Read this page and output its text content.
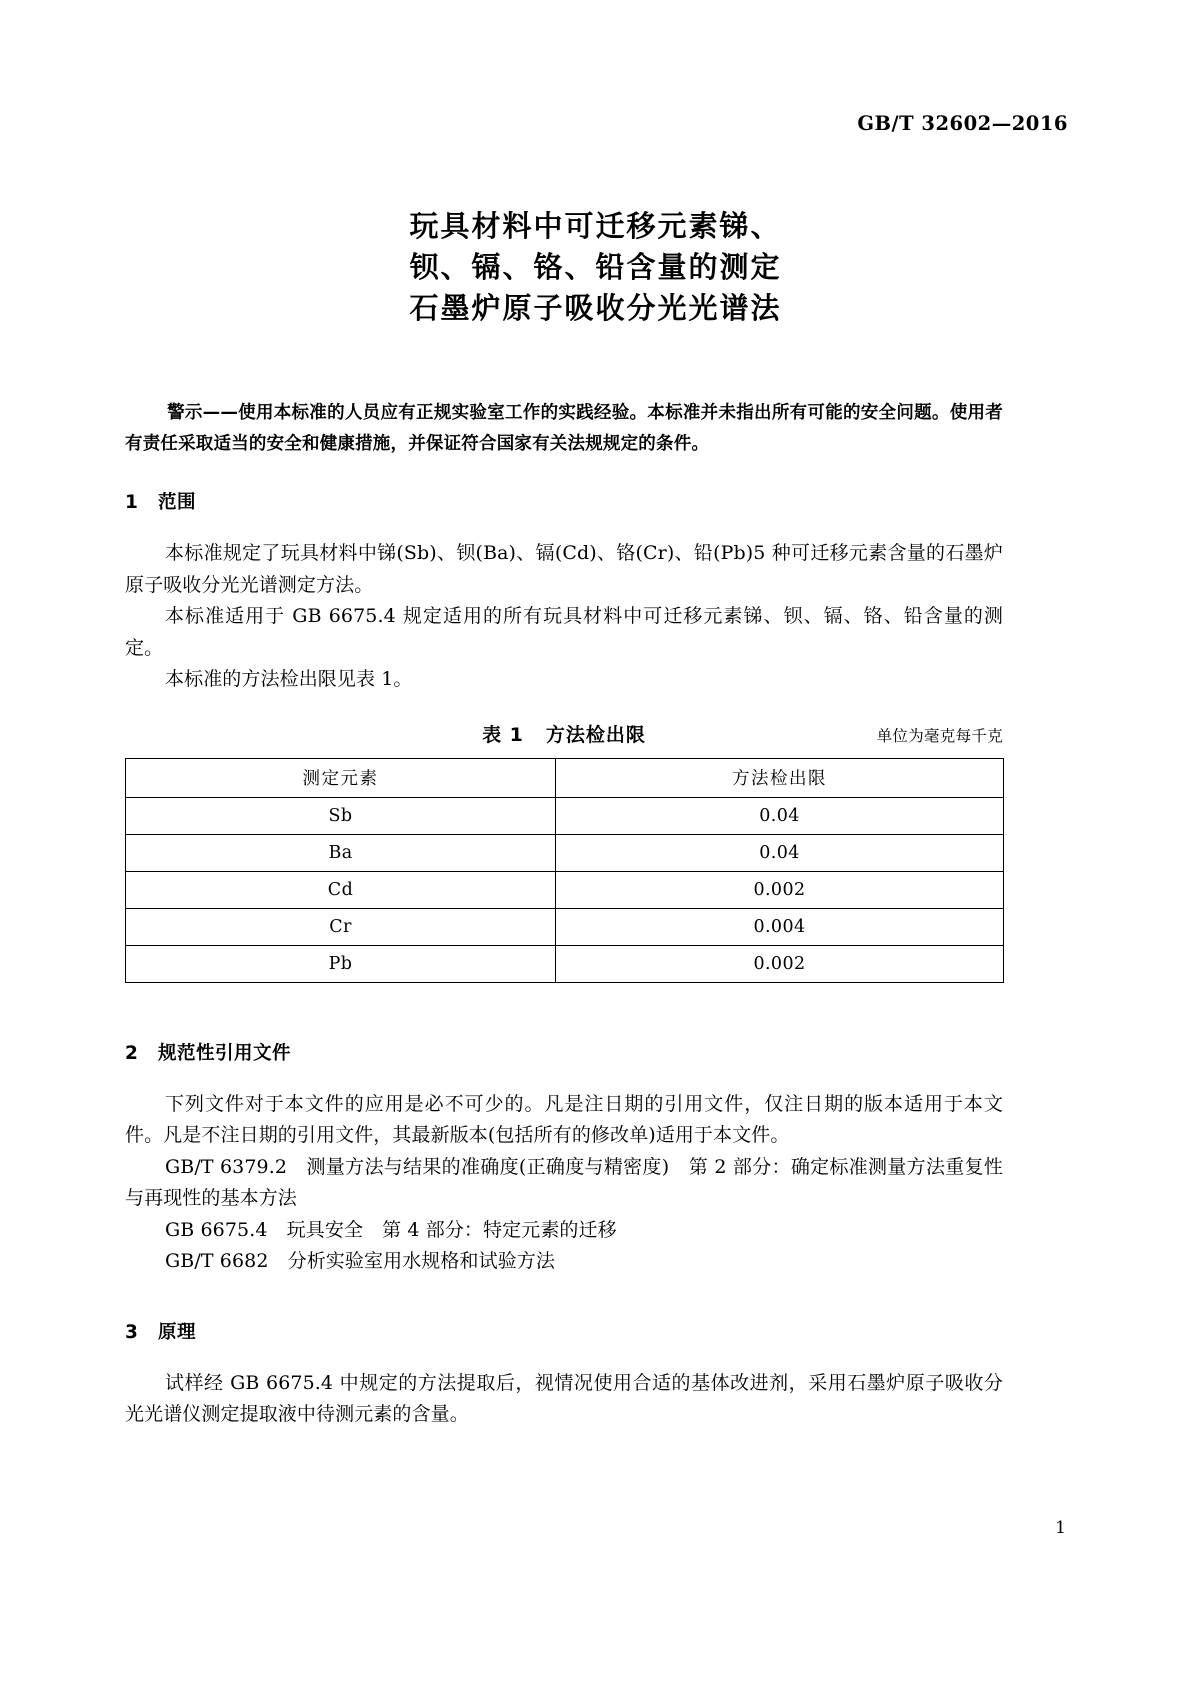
GB/T 32602—2016
玩具材料中可迁移元素锑、
钡、镉、铬、铅含量的测定
石墨炉原子吸收分光光谱法

警示——使用本标准的人员应有正规实验室工作的实践经验。本标准并未指出所有可能的安全问题。使用者有责任采取适当的安全和健康措施，并保证符合国家有关法规规定的条件。

1 范围

本标准规定了玩具材料中锑(Sb)、钡(Ba)、镉(Cd)、铬(Cr)、铅(Pb)5 种可迁移元素含量的石墨炉原子吸收分光光谱测定方法。

本标准适用于 GB 6675.4 规定适用的所有玩具材料中可迁移元素锑、钡、镉、铬、铅含量的测定。

本标准的方法检出限见表 1。

表 1 方法检出限	单位为毫克每千克
测定元素	方法检出限
Sb	0.04
Ba	0.04
Cd	0.002
Cr	0.004
Pb	0.002
2 规范性引用文件

下列文件对于本文件的应用是必不可少的。凡是注日期的引用文件，仅注日期的版本适用于本文件。凡是不注日期的引用文件，其最新版本(包括所有的修改单)适用于本文件。

GB/T 6379.2　测量方法与结果的准确度(正确度与精密度)　第 2 部分：确定标准测量方法重复性与再现性的基本方法

GB 6675.4　玩具安全　第 4 部分：特定元素的迁移

GB/T 6682　分析实验室用水规格和试验方法

3 原理

试样经 GB 6675.4 中规定的方法提取后，视情况使用合适的基体改进剂，采用石墨炉原子吸收分光光谱仪测定提取液中待测元素的含量。

1
